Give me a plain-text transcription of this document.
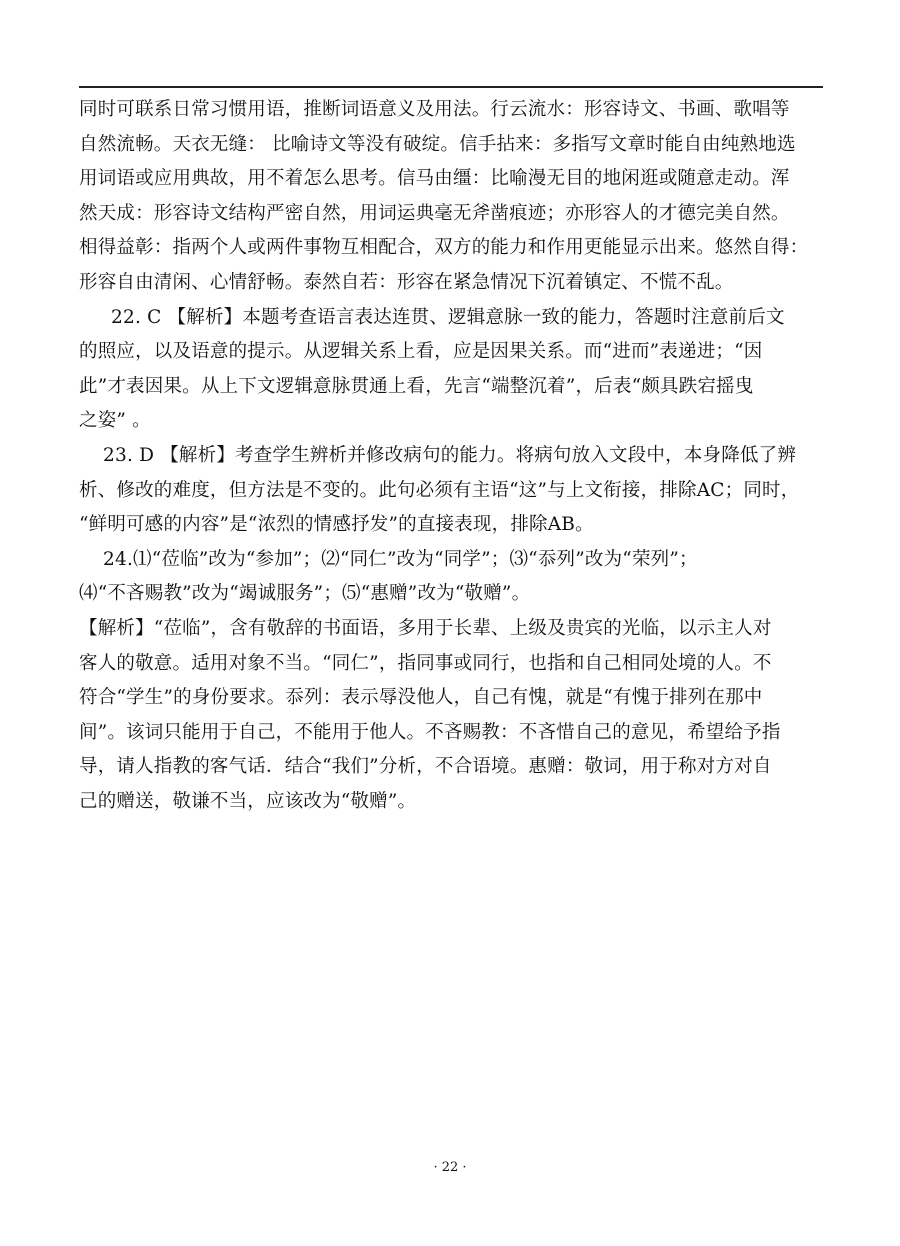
同时可联系日常习惯用语，推断词语意义及用法。行云流水：形容诗文、书画、歌唱等
自然流畅。天衣无缝： 比喻诗文等没有破绽。信手拈来：多指写文章时能自由纯熟地选
用词语或应用典故，用不着怎么思考。信马由缰：比喻漫无目的地闲逛或随意走动。浑
然天成：形容诗文结构严密自然，用词运典毫无斧凿痕迹；亦形容人的才德完美自然。
相得益彰：指两个人或两件事物互相配合，双方的能力和作用更能显示出来。悠然自得：
形容自由清闲、心情舒畅。泰然自若：形容在紧急情况下沉着镇定、不慌不乱。
22. C 【解析】本题考查语言表达连贯、逻辑意脉一致的能力，答题时注意前后文
的照应，以及语意的提示。从逻辑关系上看，应是因果关系。而“进而”表递进；“因
此”才表因果。从上下文逻辑意脉贯通上看，先言“端整沉着”，后表“颇具跌宕摇曳
之姿” 。
23. D 【解析】考查学生辨析并修改病句的能力。将病句放入文段中，本身降低了辨
析、修改的难度，但方法是不变的。此句必须有主语“这”与上文衔接，排除AC；同时，
“鲜明可感的内容”是“浓烈的情感抒发”的直接表现，排除AB。
24.⑴“莅临”改为“参加”；⑵“同仁”改为“同学”；⑶“忝列”改为“荣列”；
⑷“不吝赐教”改为“竭诚服务”；⑸“惠赠”改为“敬赠”。
【解析】“莅临”，含有敬辞的书面语，多用于长辈、上级及贵宾的光临，以示主人对
客人的敬意。适用对象不当。“同仁”，指同事或同行，也指和自己相同处境的人。不
符合“学生”的身份要求。忝列：表示辱没他人，自己有愧，就是“有愧于排列在那中
间”。该词只能用于自己，不能用于他人。不吝赐教：不吝惜自己的意见，希望给予指
导，请人指教的客气话．结合“我们”分析，不合语境。惠赠：敬词，用于称对方对自
己的赠送，敬谦不当，应该改为“敬赠”。
· 22 ·
